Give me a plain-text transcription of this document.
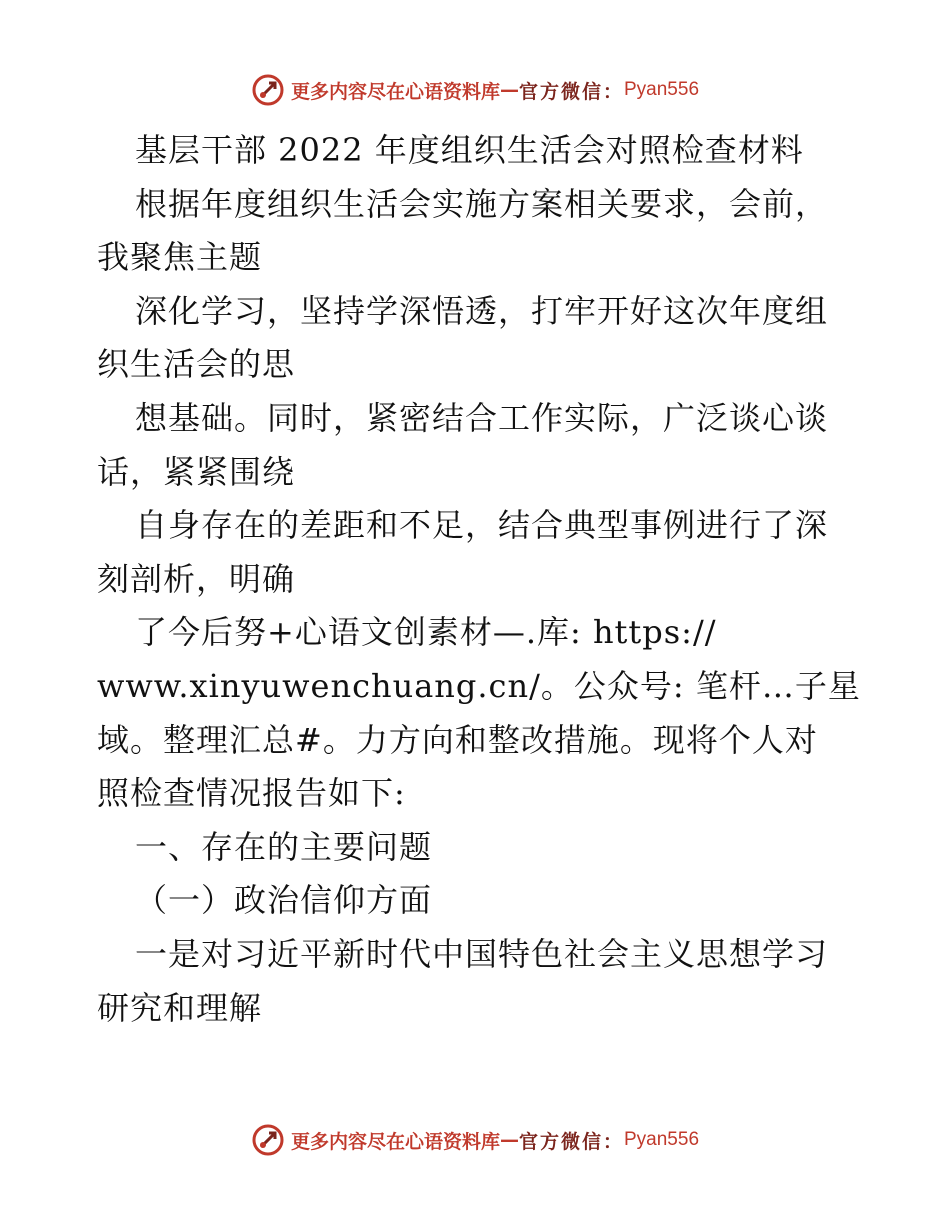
更多内容尽在心语资料库 — 官方微信： Pyan556
基层干部 2022 年度组织生活会对照检查材料
根据年度组织生活会实施方案相关要求，会前，
我聚焦主题
深化学习，坚持学深悟透，打牢开好这次年度组
织生活会的思
想基础。同时，紧密结合工作实际，广泛谈心谈
话，紧紧围绕
自身存在的差距和不足，结合典型事例进行了深
刻剖析，明确
了今后努+心语文创素材—.库: https://
www.xinyuwenchuang.cn/。公众号: 笔杆…子星
域。整理汇总#。力方向和整改措施。现将个人对
照检查情况报告如下:
一、存在的主要问题
（一）政治信仰方面
一是对习近平新时代中国特色社会主义思想学习
研究和理解
更多内容尽在心语资料库 — 官方微信： Pyan556
